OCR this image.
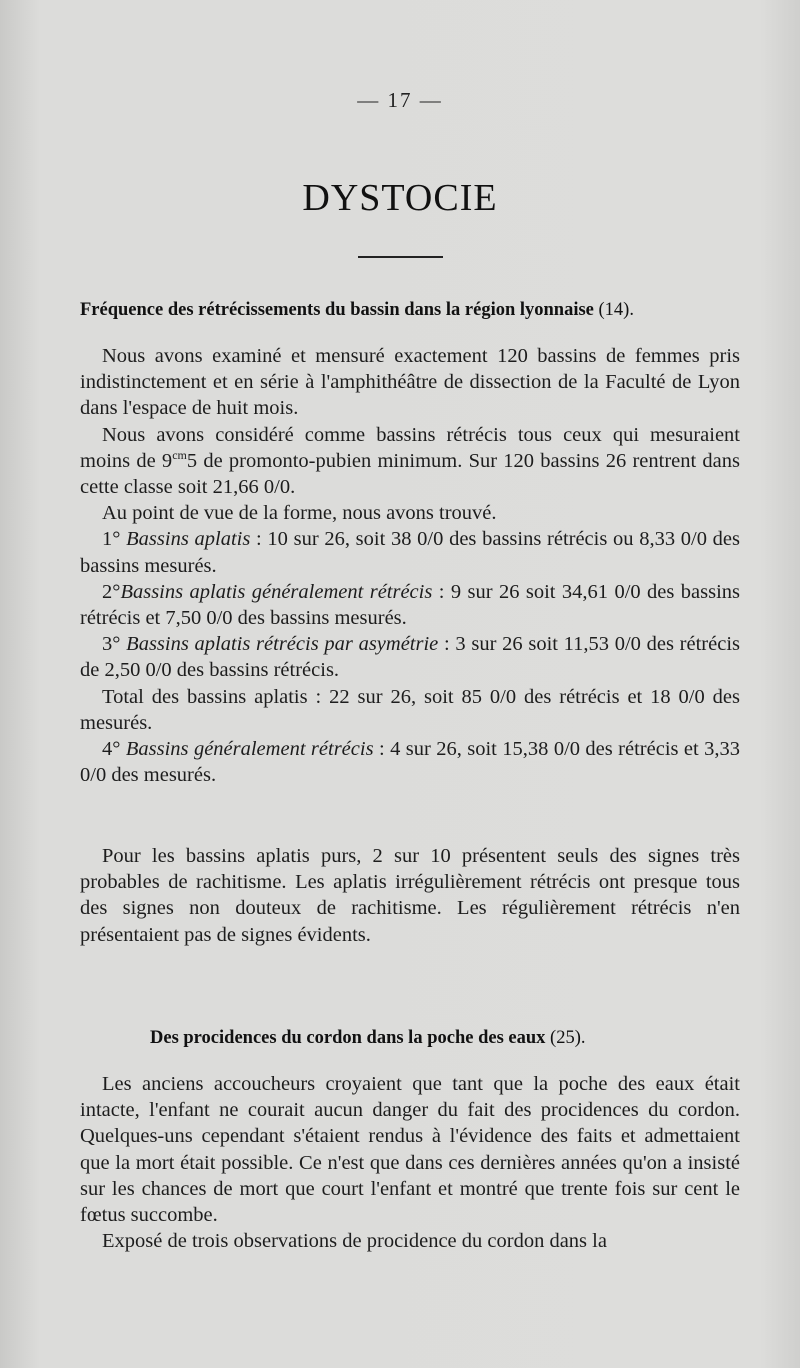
— 17 —
DYSTOCIE
Fréquence des rétrécissements du bassin dans la région lyonnaise (14).

Nous avons examiné et mensuré exactement 120 bassins de femmes pris indistinctement et en série à l'amphithéâtre de dissection de la Faculté de Lyon dans l'espace de huit mois.

Nous avons considéré comme bassins rétrécis tous ceux qui mesuraient moins de $9^{cm}5$ de promonto-pubien minimum. Sur 120 bassins 26 rentrent dans cette classe soit 21,66 0/0.

Au point de vue de la forme, nous avons trouvé.

1° Bassins aplatis : 10 sur 26, soit 38 0/0 des bassins rétrécis ou 8,33 0/0 des bassins mesurés.

2°Bassins aplatis généralement rétrécis : 9 sur 26 soit 34,61 0/0 des bassins rétrécis et 7,50 0/0 des bassins mesurés.

3° Bassins aplatis rétrécis par asymétrie : 3 sur 26 soit 11,53 0/0 des rétrécis de 2,50 0/0 des bassins rétrécis.

Total des bassins aplatis : 22 sur 26, soit 85 0/0 des rétrécis et 18 0/0 des mesurés.

4° Bassins généralement rétrécis : 4 sur 26, soit 15,38 0/0 des rétrécis et 3,33 0/0 des mesurés.

Pour les bassins aplatis purs, 2 sur 10 présentent seuls des signes très probables de rachitisme. Les aplatis irrégulièrement rétrécis ont presque tous des signes non douteux de rachitisme. Les régulièrement rétrécis n'en présentaient pas de signes évidents.

Des procidences du cordon dans la poche des eaux (25).

Les anciens accoucheurs croyaient que tant que la poche des eaux était intacte, l'enfant ne courait aucun danger du fait des procidences du cordon. Quelques-uns cependant s'étaient rendus à l'évidence des faits et admettaient que la mort était possible. Ce n'est que dans ces dernières années qu'on a insisté sur les chances de mort que court l'enfant et montré que trente fois sur cent le fœtus succombe.

Exposé de trois observations de procidence du cordon dans la
